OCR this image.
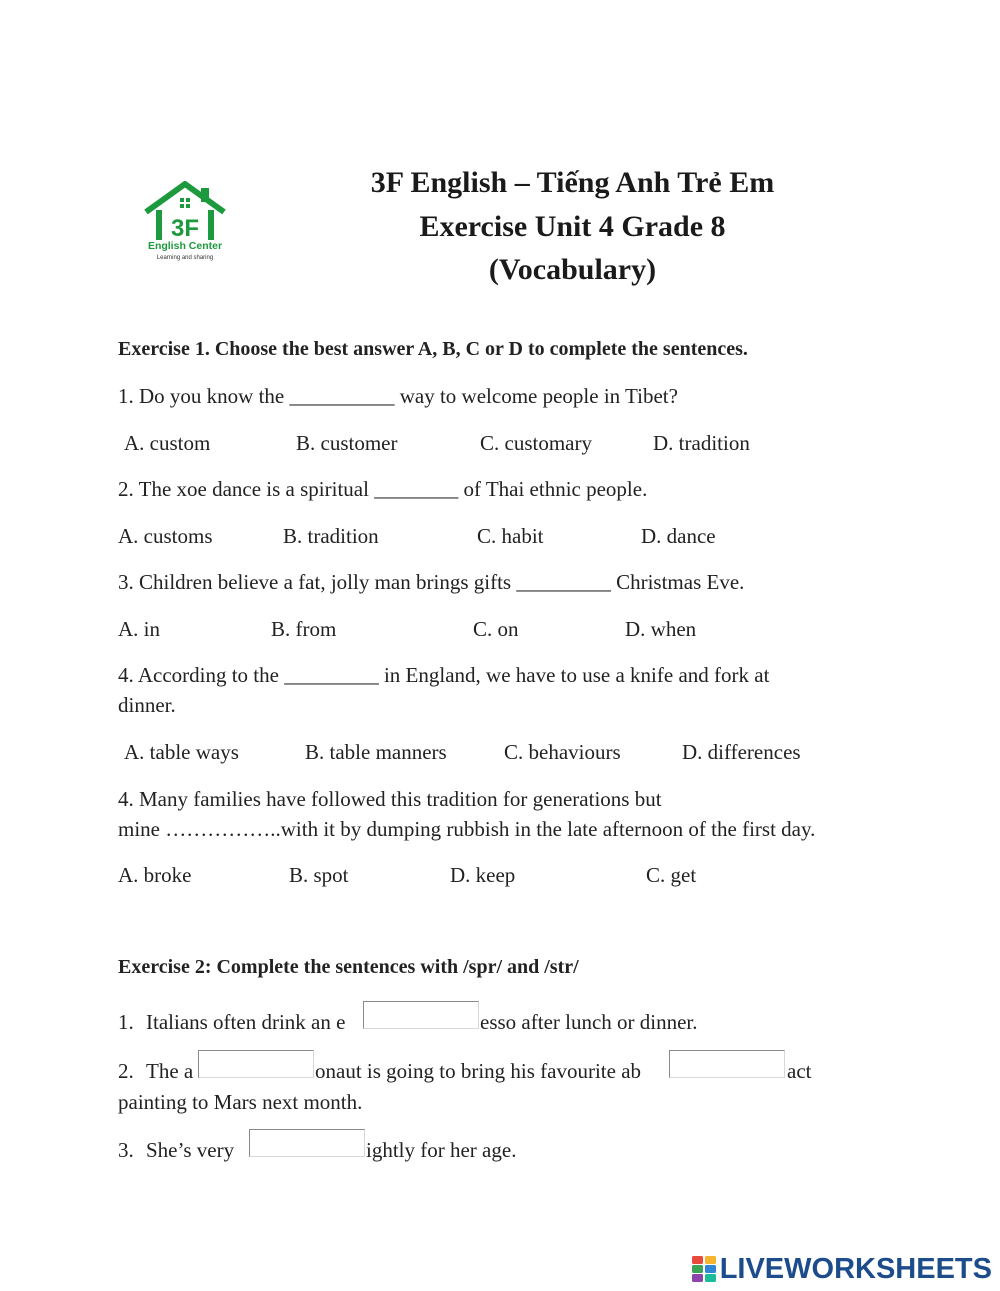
3F
English Center
Learning and sharing
3F English – Tiếng Anh Trẻ Em
Exercise Unit 4 Grade 8
(Vocabulary)
Exercise 1. Choose the best answer A, B, C or D to complete the sentences.
1. Do you know the __________ way to welcome people in Tibet?
A. custom	B. customer	C. customary	D. tradition
2. The xoe dance is a spiritual ________ of Thai ethnic people.
A. customs	B. tradition	C. habit	D. dance
3. Children believe a fat, jolly man brings gifts _________ Christmas Eve.
A. in	B. from	C. on	D. when
4. According to the _________ in England, we have to use a knife and fork at
dinner.
A. table ways	B. table manners	C. behaviours	D. differences
4. Many families have followed this tradition for generations but
mine ……………..with it by dumping rubbish in the late afternoon of the first day.
A. broke	B. spot	D. keep	C. get
Exercise 2: Complete the sentences with /spr/ and /str/
1. Italians often drink an e	esso after lunch or dinner.
2. The a	onaut is going to bring his favourite ab	act
painting to Mars next month.
3. She’s very	ightly for her age.
LIVEWORKSHEETS
